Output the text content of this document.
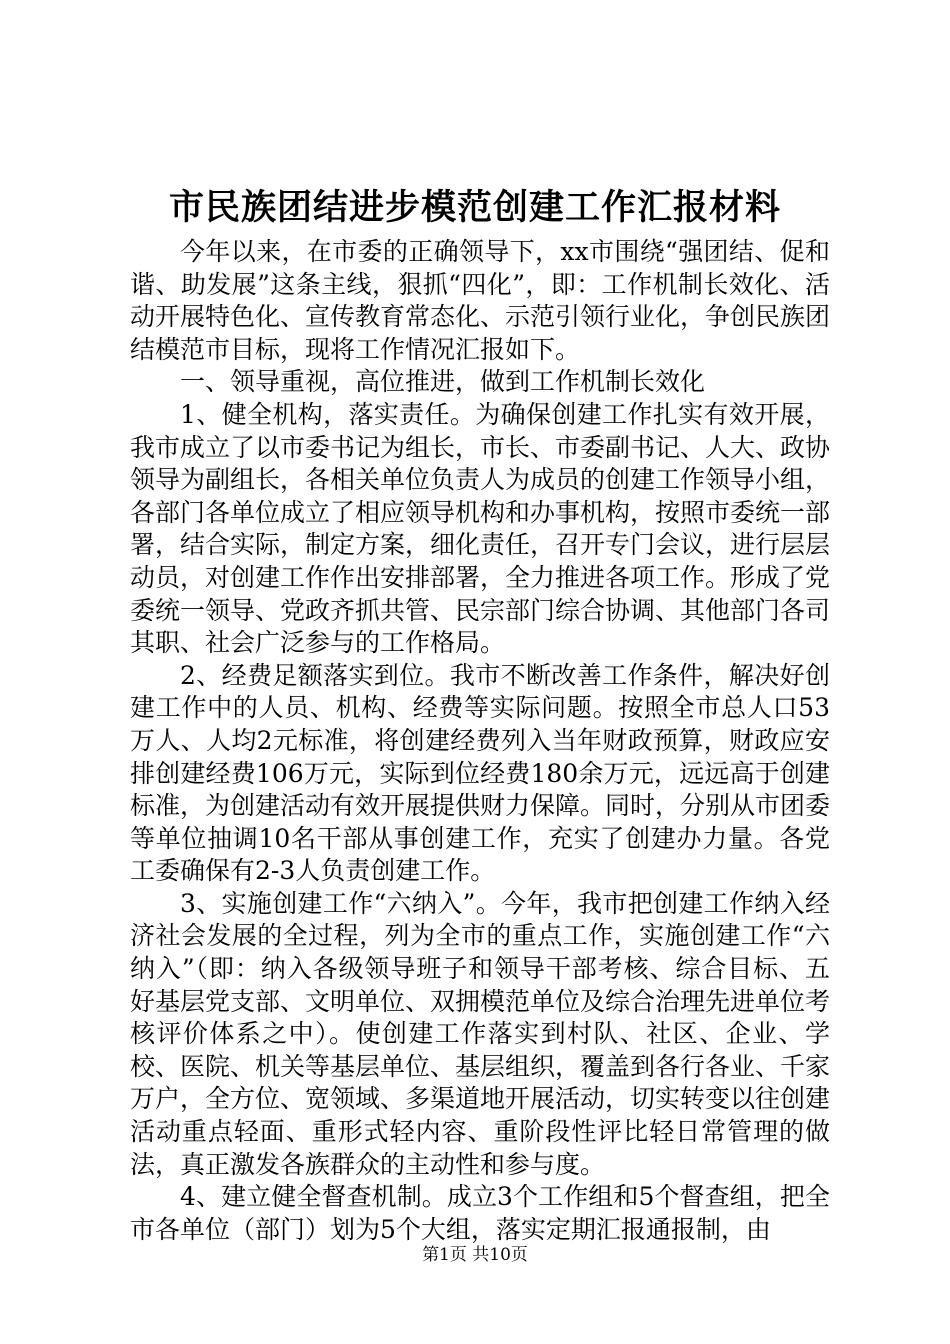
市民族团结进步模范创建工作汇报材料

今年以来，在市委的正确领导下，xx市围绕“强团结、促和谐、助发展”这条主线，狠抓“四化”，即：工作机制长效化、活动开展特色化、宣传教育常态化、示范引领行业化，争创民族团结模范市目标，现将工作情况汇报如下。

一、领导重视，高位推进，做到工作机制长效化

1、健全机构，落实责任。为确保创建工作扎实有效开展，我市成立了以市委书记为组长，市长、市委副书记、人大、政协领导为副组长，各相关单位负责人为成员的创建工作领导小组，各部门各单位成立了相应领导机构和办事机构，按照市委统一部署，结合实际，制定方案，细化责任，召开专门会议，进行层层动员，对创建工作作出安排部署，全力推进各项工作。形成了党委统一领导、党政齐抓共管、民宗部门综合协调、其他部门各司其职、社会广泛参与的工作格局。

2、经费足额落实到位。我市不断改善工作条件，解决好创建工作中的人员、机构、经费等实际问题。按照全市总人口53万人、人均2元标准，将创建经费列入当年财政预算，财政应安排创建经费106万元，实际到位经费180余万元，远远高于创建标准，为创建活动有效开展提供财力保障。同时，分别从市团委等单位抽调10名干部从事创建工作，充实了创建办力量。各党工委确保有2-3人负责创建工作。

3、实施创建工作“六纳入”。今年，我市把创建工作纳入经济社会发展的全过程，列为全市的重点工作，实施创建工作“六纳入”（即：纳入各级领导班子和领导干部考核、综合目标、五好基层党支部、文明单位、双拥模范单位及综合治理先进单位考核评价体系之中）。使创建工作落实到村队、社区、企业、学校、医院、机关等基层单位、基层组织，覆盖到各行各业、千家万户，全方位、宽领域、多渠道地开展活动，切实转变以往创建活动重点轻面、重形式轻内容、重阶段性评比轻日常管理的做法，真正激发各族群众的主动性和参与度。

4、建立健全督查机制。成立3个工作组和5个督查组，把全市各单位（部门）划为5个大组，落实定期汇报通报制，由

第1页 共10页
